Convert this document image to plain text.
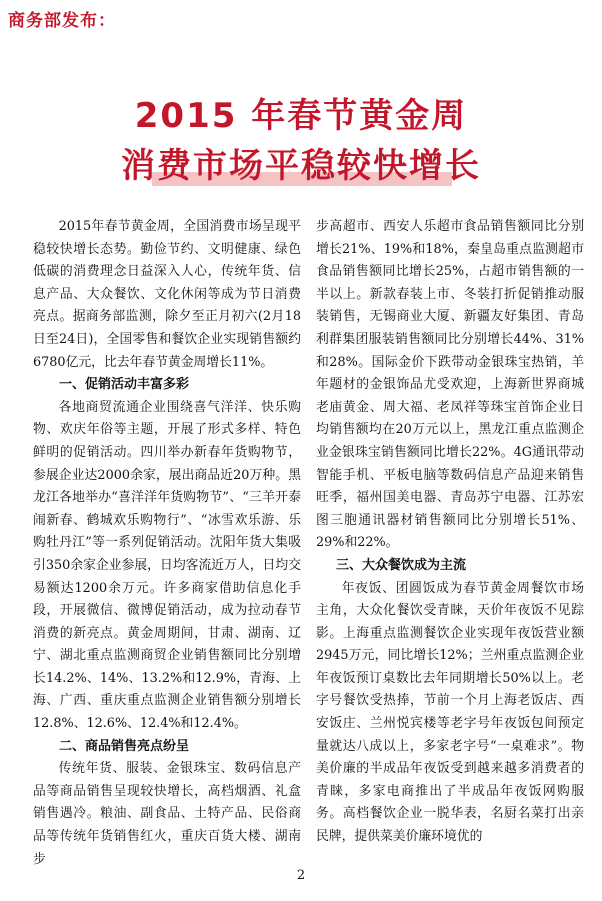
商务部发布：

2015 年春节黄金周
消费市场平稳较快增长

2015年春节黄金周，全国消费市场呈现平稳较快增长态势。勤俭节约、文明健康、绿色低碳的消费理念日益深入人心，传统年货、信息产品、大众餐饮、文化休闲等成为节日消费亮点。据商务部监测，除夕至正月初六(2月18日至24日)，全国零售和餐饮企业实现销售额约6780亿元，比去年春节黄金周增长11%。

一、促销活动丰富多彩

各地商贸流通企业围绕喜气洋洋、快乐购物、欢庆年俗等主题，开展了形式多样、特色鲜明的促销活动。四川举办新春年货购物节，参展企业达2000余家，展出商品近20万种。黑龙江各地举办“喜洋洋年货购物节”、“三羊开泰闹新春、鹤城欢乐购物行”、“冰雪欢乐游、乐购牡丹江”等一系列促销活动。沈阳年货大集吸引350余家企业参展，日均客流近万人，日均交易额达1200余万元。许多商家借助信息化手段，开展微信、微博促销活动，成为拉动春节消费的新亮点。黄金周期间，甘肃、湖南、辽宁、湖北重点监测商贸企业销售额同比分别增长14.2%、14%、13.2%和12.9%，青海、上海、广西、重庆重点监测企业销售额分别增长12.8%、12.6%、12.4%和12.4%。

二、商品销售亮点纷呈

传统年货、服装、金银珠宝、数码信息产品等商品销售呈现较快增长，高档烟酒、礼盒销售遇冷。粮油、副食品、土特产品、民俗商品等传统年货销售红火，重庆百货大楼、湖南步

步高超市、西安人乐超市食品销售额同比分别增长21%、19%和18%，秦皇岛重点监测超市食品销售额同比增长25%，占超市销售额的一半以上。新款春装上市、冬装打折促销推动服装销售，无锡商业大厦、新疆友好集团、青岛利群集团服装销售额同比分别增长44%、31%和28%。国际金价下跌带动金银珠宝热销，羊年题材的金银饰品尤受欢迎，上海新世界商城老庙黄金、周大福、老凤祥等珠宝首饰企业日均销售额均在20万元以上，黑龙江重点监测企业金银珠宝销售额同比增长22%。4G通讯带动智能手机、平板电脑等数码信息产品迎来销售旺季，福州国美电器、青岛苏宁电器、江苏宏图三胞通讯器材销售额同比分别增长51%、29%和22%。

三、大众餐饮成为主流

年夜饭、团圆饭成为春节黄金周餐饮市场主角，大众化餐饮受青睐，天价年夜饭不见踪影。上海重点监测餐饮企业实现年夜饭营业额2945万元，同比增长12%；兰州重点监测企业年夜饭预订桌数比去年同期增长50%以上。老字号餐饮受热捧，节前一个月上海老饭店、西安饭庄、兰州悦宾楼等老字号年夜饭包间预定量就达八成以上，多家老字号“一桌难求”。物美价廉的半成品年夜饭受到越来越多消费者的青睐，多家电商推出了半成品年夜饭网购服务。高档餐饮企业一脱华表，名厨名菜打出亲民牌，提供菜美价廉环境优的

2
